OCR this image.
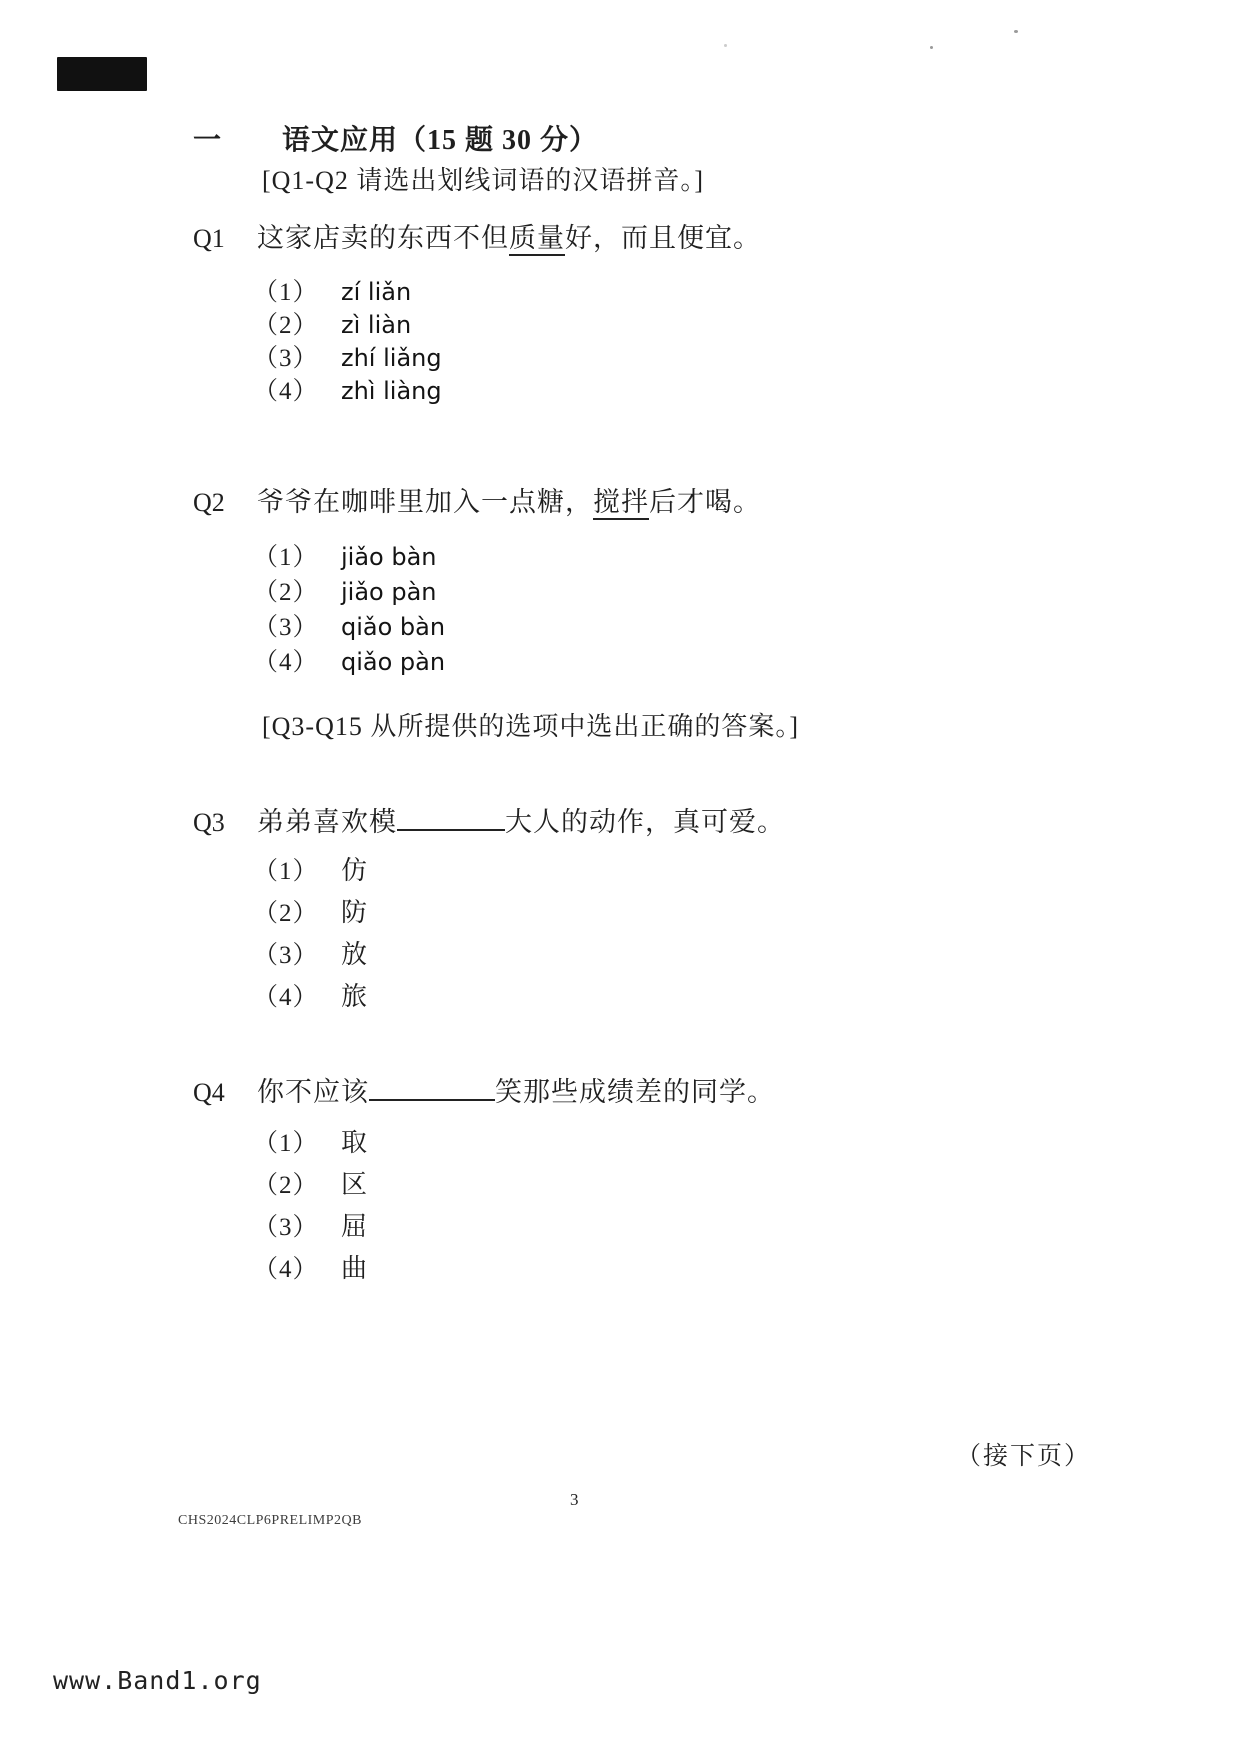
一 语文应用（15 题 30 分）
[Q1-Q2 请选出划线词语的汉语拼音。]
Q1 这家店卖的东西不但质量好，而且便宜。
（1） zí liǎn
（2） zì liàn
（3） zhí liǎng
（4） zhì liàng
Q2 爷爷在咖啡里加入一点糖，搅拌后才喝。
（1） jiǎo bàn
（2） jiǎo pàn
（3） qiǎo bàn
（4） qiǎo pàn
[Q3-Q15 从所提供的选项中选出正确的答案。]
Q3 弟弟喜欢模	大人的动作，真可爱。
（1） 仿
（2） 防
（3） 放
（4） 旅
Q4 你不应该	笑那些成绩差的同学。
（1） 取
（2） 区
（3） 屈
（4） 曲
（接下页）
3
CHS2024CLP6PRELIMP2QB
www.Band1.org
